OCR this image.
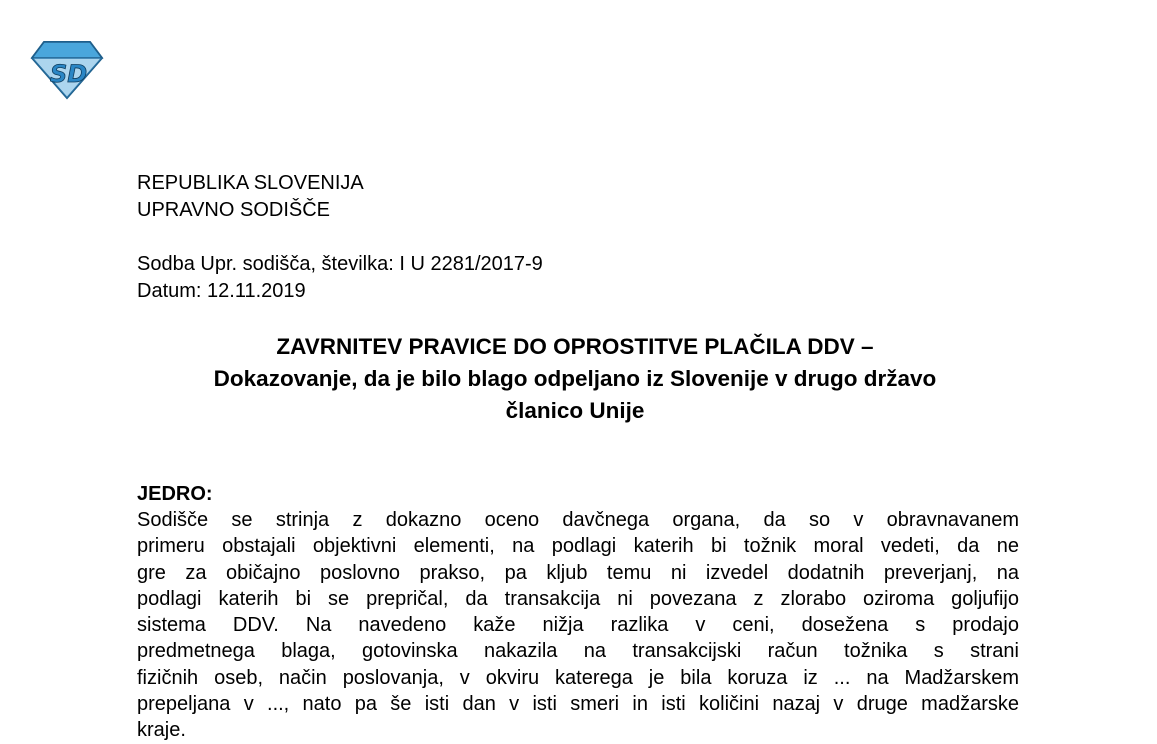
SD
REPUBLIKA SLOVENIJA
UPRAVNO SODIŠČE
Sodba Upr. sodišča, številka: I U 2281/2017-9
Datum: 12.11.2019
ZAVRNITEV PRAVICE DO OPROSTITVE PLAČILA DDV –
Dokazovanje, da je bilo blago odpeljano iz Slovenije v drugo državo
članico Unije
JEDRO:
Sodišče se strinja z dokazno oceno davčnega organa, da so v obravnavanem
primeru obstajali objektivni elementi, na podlagi katerih bi tožnik moral vedeti, da ne
gre za običajno poslovno prakso, pa kljub temu ni izvedel dodatnih preverjanj, na
podlagi katerih bi se prepričal, da transakcija ni povezana z zlorabo oziroma goljufijo
sistema DDV. Na navedeno kaže nižja razlika v ceni, dosežena s prodajo
predmetnega blaga, gotovinska nakazila na transakcijski račun tožnika s strani
fizičnih oseb, način poslovanja, v okviru katerega je bila koruza iz ... na Madžarskem
prepeljana v ..., nato pa še isti dan v isti smeri in isti količini nazaj v druge madžarske
kraje.
